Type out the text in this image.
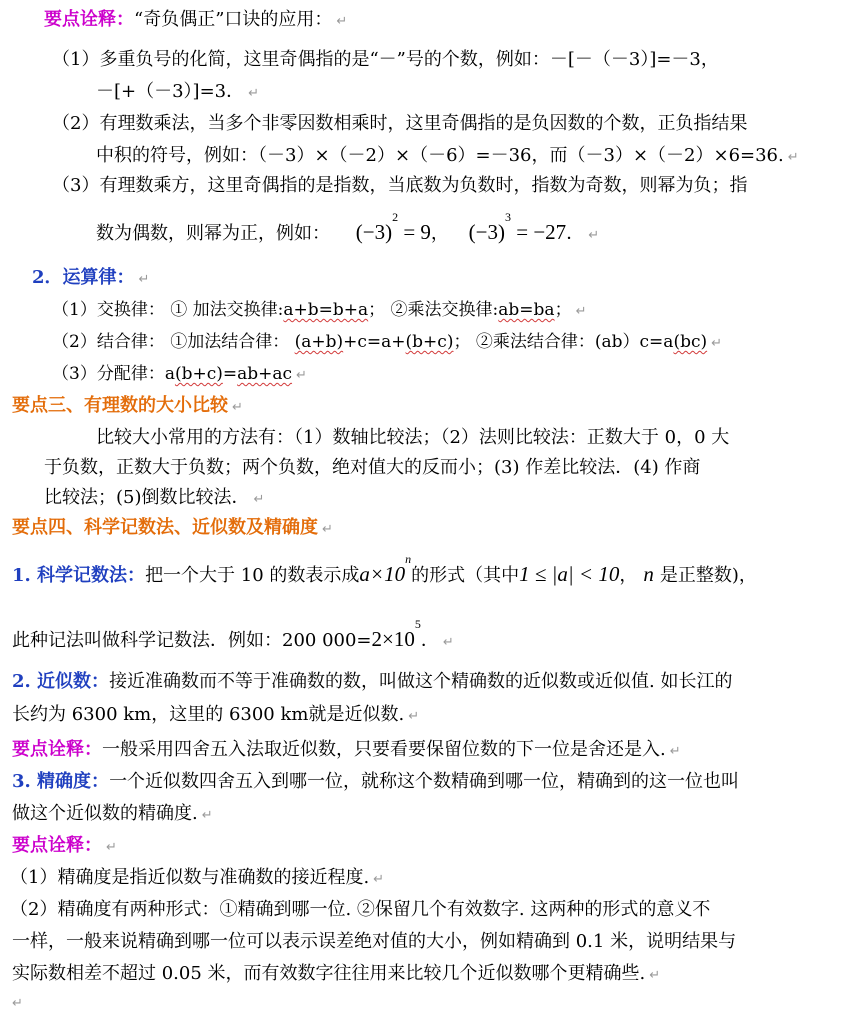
要点诠释：“奇负偶正”口诀的应用： ↵
（1）多重负号的化简，这里奇偶指的是“－”号的个数，例如：－[－（－3）]=－3，
－[+（－3）]=3． ↵
（2）有理数乘法，当多个非零因数相乘时，这里奇偶指的是负因数的个数，正负指结果
中积的符号，例如：（－3）×（－2）×（－6）=－36，而（－3）×（－2）×6=36. ↵
（3）有理数乘方，这里奇偶指的是指数，当底数为负数时，指数为奇数，则幂为负；指
数为偶数，则幂为正，例如： $(-3)^2 = 9$， $(-3)^3 = -27$． ↵
2．运算律： ↵
（1）交换律： ① 加法交换律:a+b=b+a； ②乘法交换律:ab=ba； ↵
（2）结合律： ①加法结合律： (a+b)+c=a+(b+c)； ②乘法结合律：(ab）c=a(bc) ↵
（3）分配律：a(b+c)=ab+ac ↵
要点三、有理数的大小比较 ↵
比较大小常用的方法有：（1）数轴比较法；（2）法则比较法：正数大于 0，0 大
于负数，正数大于负数；两个负数，绝对值大的反而小；(3) 作差比较法．(4) 作商
比较法；(5)倒数比较法． ↵
要点四、科学记数法、近似数及精确度 ↵
1. 科学记数法：把一个大于 10 的数表示成$a\times 10^n$的形式（其中1 ≤ |a| < 10， n 是正整数)，
此种记法叫做科学记数法．例如：200 $000=2\times 10^5$． ↵
2. 近似数：接近准确数而不等于准确数的数，叫做这个精确数的近似数或近似值. 如长江的
长约为 6300 km，这里的 6300 km就是近似数. ↵
要点诠释：一般采用四舍五入法取近似数，只要看要保留位数的下一位是舍还是入. ↵
3. 精确度：一个近似数四舍五入到哪一位，就称这个数精确到哪一位，精确到的这一位也叫
做这个近似数的精确度. ↵
要点诠释： ↵
（1）精确度是指近似数与准确数的接近程度. ↵
（2）精确度有两种形式：①精确到哪一位. ②保留几个有效数字. 这两种的形式的意义不
一样，一般来说精确到哪一位可以表示误差绝对值的大小，例如精确到 0.1 米，说明结果与
实际数相差不超过 0.05 米，而有效数字往往用来比较几个近似数哪个更精确些. ↵
↵
